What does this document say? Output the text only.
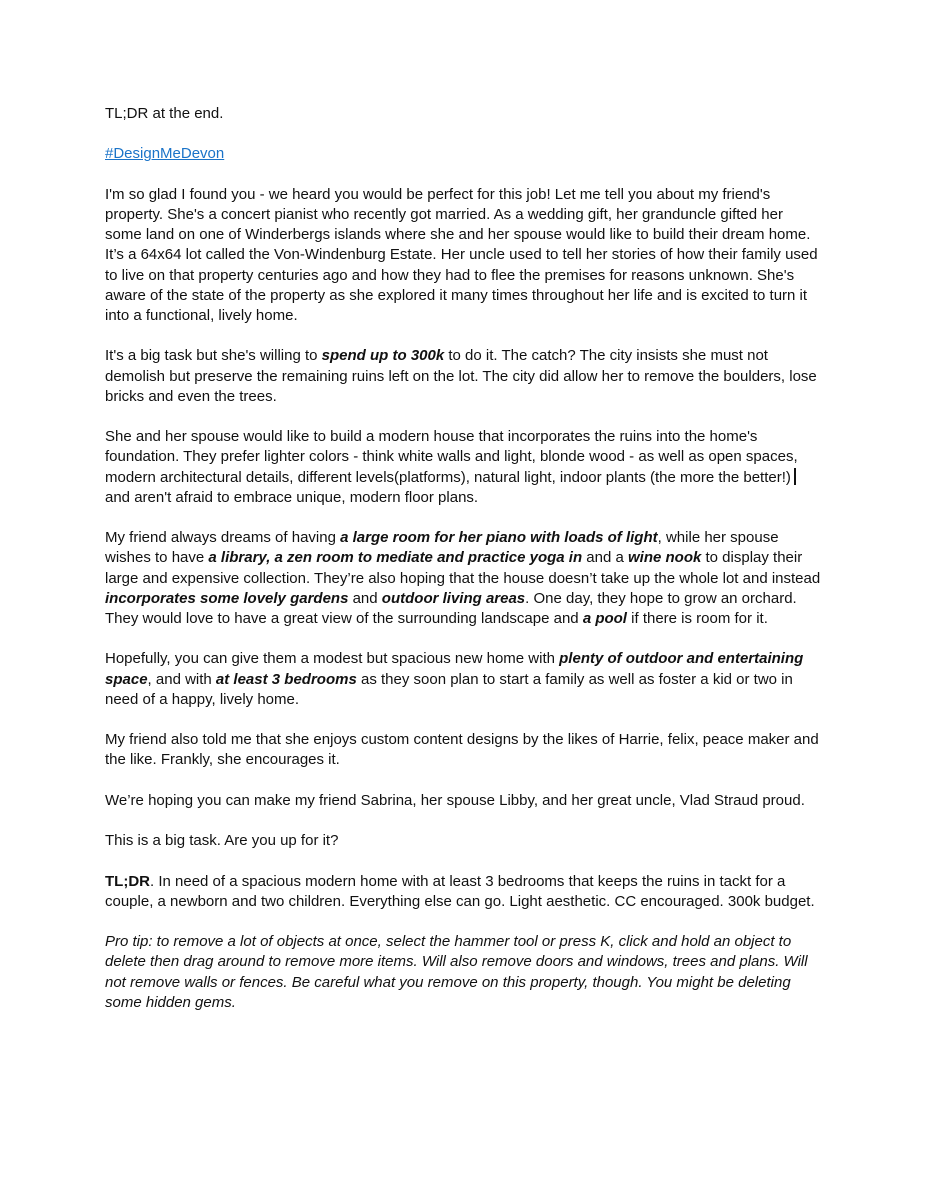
TL;DR at the end.

#DesignMeDevon

I'm so glad I found you - we heard you would be perfect for this job! Let me tell you about my friend's property. She's a concert pianist who recently got married. As a wedding gift, her granduncle gifted her some land on one of Winderbergs islands where she and her spouse would like to build their dream home. It’s a 64x64 lot called the Von-Windenburg Estate. Her uncle used to tell her stories of how their family used to live on that property centuries ago and how they had to flee the premises for reasons unknown. She's aware of the state of the property as she explored it many times throughout her life and is excited to turn it into a functional, lively home.

It's a big task but she's willing to spend up to 300k to do it. The catch? The city insists she must not demolish but preserve the remaining ruins left on the lot. The city did allow her to remove the boulders, lose bricks and even the trees.

She and her spouse would like to build a modern house that incorporates the ruins into the home's foundation. They prefer lighter colors - think white walls and light, blonde wood - as well as open spaces, modern architectural details, different levels(platforms), natural light, indoor plants (the more the better!) and aren't afraid to embrace unique, modern floor plans.

My friend always dreams of having a large room for her piano with loads of light, while her spouse wishes to have a library, a zen room to mediate and practice yoga in and a wine nook to display their large and expensive collection. They’re also hoping that the house doesn’t take up the whole lot and instead incorporates some lovely gardens and outdoor living areas. One day, they hope to grow an orchard. They would love to have a great view of the surrounding landscape and a pool if there is room for it.

Hopefully, you can give them a modest but spacious new home with plenty of outdoor and entertaining space, and with at least 3 bedrooms as they soon plan to start a family as well as foster a kid or two in need of a happy, lively home.

My friend also told me that she enjoys custom content designs by the likes of Harrie, felix, peace maker and the like. Frankly, she encourages it.

We’re hoping you can make my friend Sabrina, her spouse Libby, and her great uncle, Vlad Straud proud.

This is a big task. Are you up for it?

TL;DR. In need of a spacious modern home with at least 3 bedrooms that keeps the ruins in tackt for a couple, a newborn and two children. Everything else can go. Light aesthetic. CC encouraged. 300k budget.

Pro tip: to remove a lot of objects at once, select the hammer tool or press K, click and hold an object to delete then drag around to remove more items. Will also remove doors and windows, trees and plans. Will not remove walls or fences. Be careful what you remove on this property, though. You might be deleting some hidden gems.
